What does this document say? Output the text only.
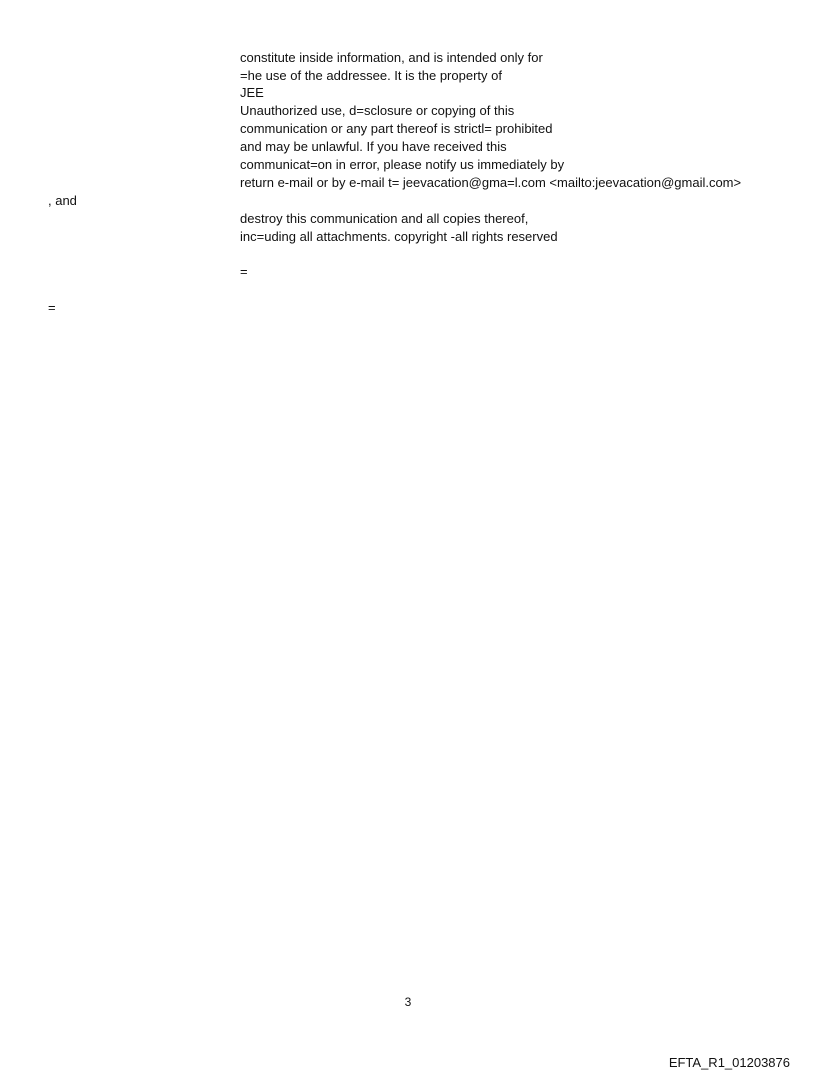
constitute inside information, and is intended only for
=he use of the addressee. It is the property of
JEE
Unauthorized use, d=sclosure or copying of this
communication or any part thereof is strictl= prohibited
and may be unlawful. If you have received this
communicat=on in error, please notify us immediately by
return e-mail or by e-mail t= jeevacation@gma=l.com <mailto:jeevacation@gmail.com>
, and
destroy this communication and all copies thereof,
inc=uding all attachments. copyright -all rights reserved
=
=
3
EFTA_R1_01203876
